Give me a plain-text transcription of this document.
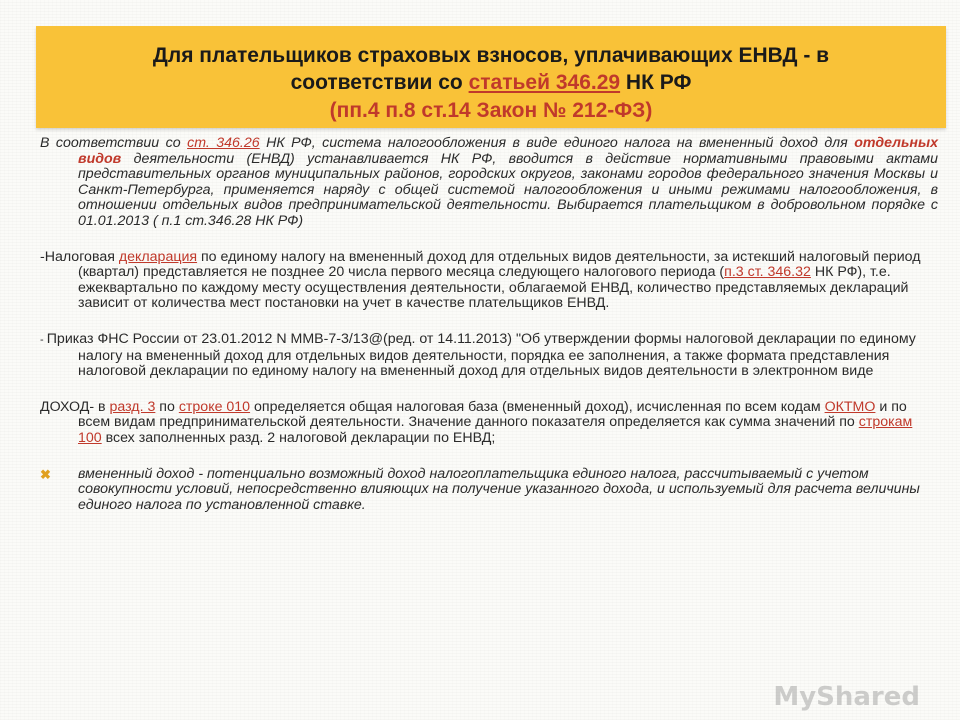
Для плательщиков страховых взносов, уплачивающих ЕНВД - в
соответствии со статьей 346.29 НК РФ
(пп.4 п.8 ст.14 Закон № 212-ФЗ)

В соответствии со ст. 346.26 НК РФ, система налогообложения в виде единого налога на вмененный доход для отдельных видов деятельности (ЕНВД) устанавливается НК РФ, вводится в действие нормативными правовыми актами представительных органов муниципальных районов, городских округов, законами городов федерального значения Москвы и Санкт-Петербурга, применяется наряду с общей системой налогообложения и иными режимами налогообложения, в отношении отдельных видов предпринимательской деятельности. Выбирается плательщиком в добровольном порядке с 01.01.2013 ( п.1 ст.346.28 НК РФ)

-Налоговая декларация по единому налогу на вмененный доход для отдельных видов деятельности, за истекший налоговый период (квартал) представляется не позднее 20 числа первого месяца следующего налогового периода (п.3 ст. 346.32 НК РФ), т.е. ежеквартально по каждому месту осуществления деятельности, облагаемой ЕНВД, количество представляемых деклараций зависит от количества мест постановки на учет в качестве плательщиков ЕНВД.

- Приказ ФНС России от 23.01.2012 N ММВ-7-3/13@(ред. от 14.11.2013) "Об утверждении формы налоговой декларации по единому налогу на вмененный доход для отдельных видов деятельности, порядка ее заполнения, а также формата представления налоговой декларации по единому налогу на вмененный доход для отдельных видов деятельности в электронном виде

ДОХОД- в разд. 3 по строке 010 определяется общая налоговая база (вмененный доход), исчисленная по всем кодам ОКТМО и по всем видам предпринимательской деятельности. Значение данного показателя определяется как сумма значений по строкам 100 всех заполненных разд. 2 налоговой декларации по ЕНВД;

✖ вмененный доход - потенциально возможный доход налогоплательщика единого налога, рассчитываемый с учетом совокупности условий, непосредственно влияющих на получение указанного дохода, и используемый для расчета величины единого налога по установленной ставке.
MyShared
